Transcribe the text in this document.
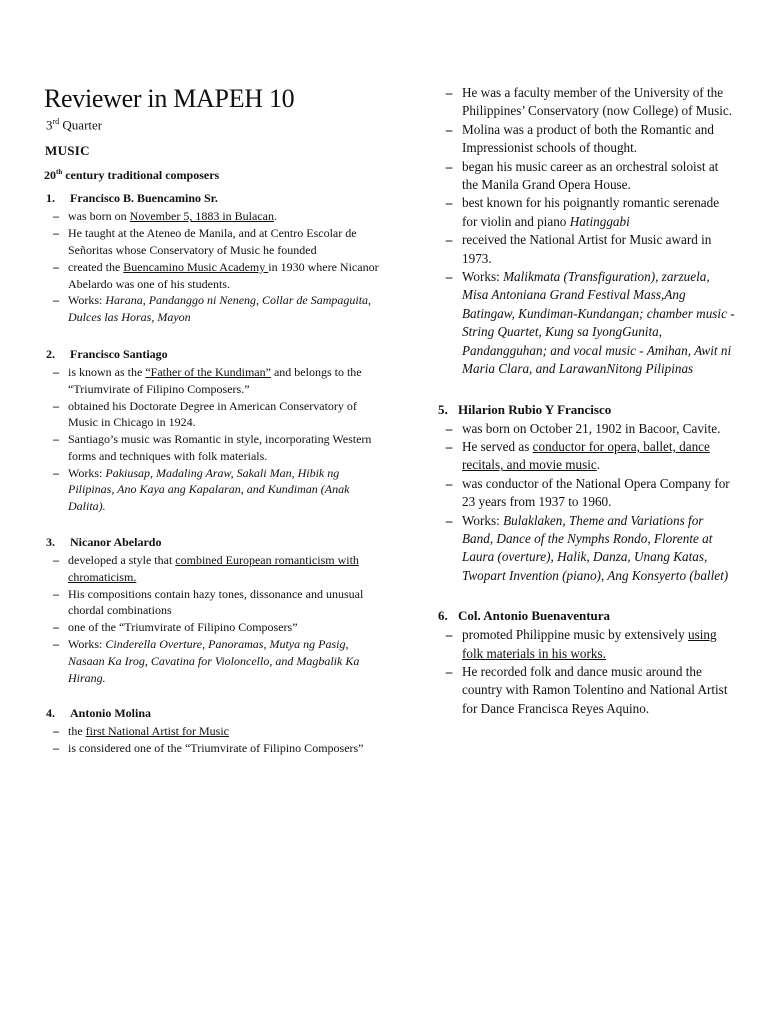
Reviewer in MAPEH 10
3rd Quarter
MUSIC
20th century traditional composers
1.	Francisco B. Buencamino Sr.
– was born on November 5, 1883 in Bulacan.
– He taught at the Ateneo de Manila, and at Centro Escolar de Señoritas whose Conservatory of Music he founded
– created the Buencamino Music Academy in 1930 where Nicanor Abelardo was one of his students.
– Works: Harana, Pandanggo ni Neneng, Collar de Sampaguita, Dulces las Horas, Mayon
2.	Francisco Santiago
– is known as the “Father of the Kundiman” and belongs to the “Triumvirate of Filipino Composers.”
– obtained his Doctorate Degree in American Conservatory of Music in Chicago in 1924.
– Santiago’s music was Romantic in style, incorporating Western forms and techniques with folk materials.
– Works: Pakiusap, Madaling Araw, Sakali Man, Hibik ng Pilipinas, Ano Kaya ang Kapalaran, and Kundiman (Anak Dalita).
3.	Nicanor Abelardo
– developed a style that combined European romanticism with chromaticism.
– His compositions contain hazy tones, dissonance and unusual chordal combinations
– one of the “Triumvirate of Filipino Composers”
– Works: Cinderella Overture, Panoramas, Mutya ng Pasig, Nasaan Ka Irog, Cavatina for Violoncello, and Magbalik Ka Hirang.
4.	Antonio Molina
– the first National Artist for Music
– is considered one of the “Triumvirate of Filipino Composers”
– He was a faculty member of the University of the Philippines’ Conservatory (now College) of Music.
– Molina was a product of both the Romantic and Impressionist schools of thought.
– began his music career as an orchestral soloist at the Manila Grand Opera House.
– best known for his poignantly romantic serenade for violin and piano Hatinggabi
– received the National Artist for Music award in 1973.
– Works: Malikmata (Transfiguration), zarzuela, Misa Antoniana Grand Festival Mass,Ang Batingaw, Kundiman-Kundangan; chamber music - String Quartet, Kung sa IyongGunita, Pandangguhan; and vocal music - Amihan, Awit ni Maria Clara, and LarawanNitong Pilipinas
5. Hilarion Rubio Y Francisco
– was born on October 21, 1902 in Bacoor, Cavite.
– He served as conductor for opera, ballet, dance recitals, and movie music.
– was conductor of the National Opera Company for 23 years from 1937 to 1960.
– Works: Bulaklaken, Theme and Variations for Band, Dance of the Nymphs Rondo, Florente at Laura (overture), Halik, Danza, Unang Katas, Twopart Invention (piano), Ang Konsyerto (ballet)
6. Col. Antonio Buenaventura
– promoted Philippine music by extensively using folk materials in his works.
– He recorded folk and dance music around the country with Ramon Tolentino and National Artist for Dance Francisca Reyes Aquino.
